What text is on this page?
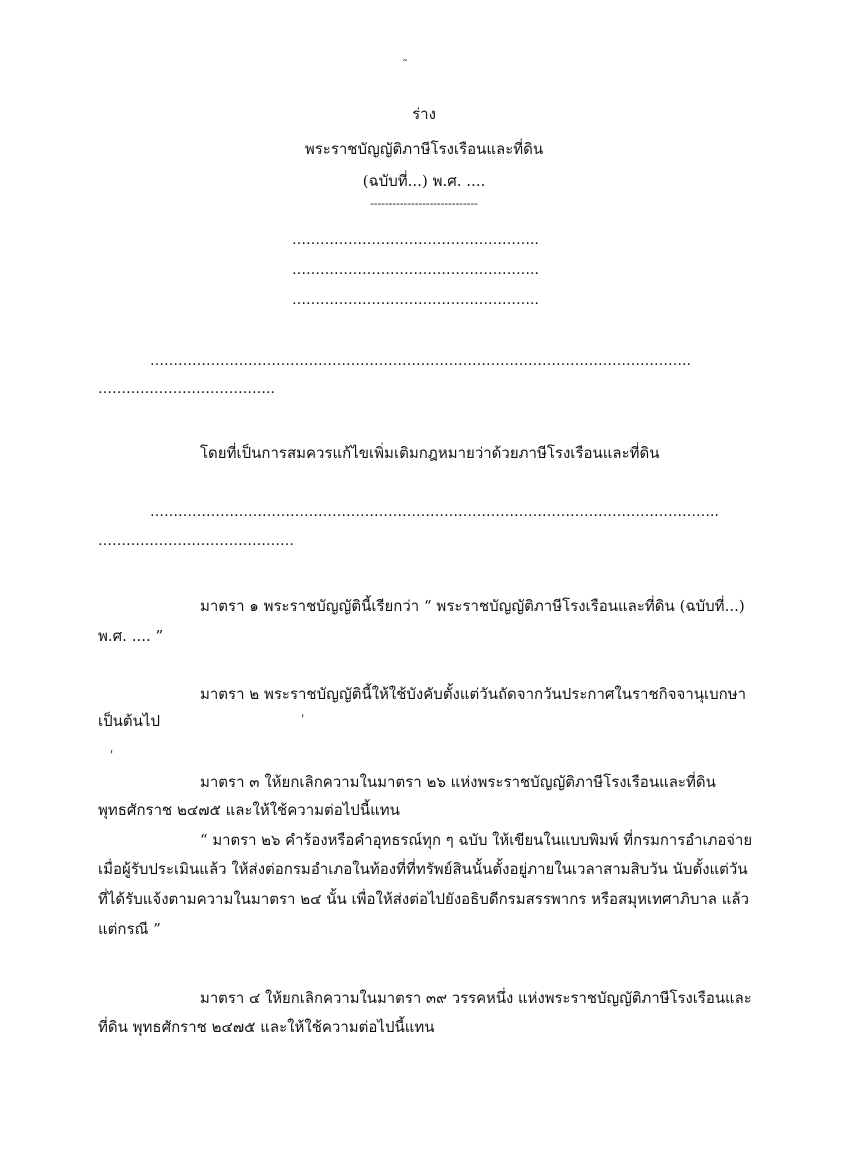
˜
'
'
ร่าง
พระราชบัญญัติภาษีโรงเรือนและที่ดิน
(ฉบับที่...) พ.ศ. ....
-----------------------------
……………………………………………..
……………………………………………..
……………………………………………..
……………………………………………………………………………………………………..
………………………………..
โดยที่เป็นการสมควรแก้ไขเพิ่มเติมกฎหมายว่าด้วยภาษีโรงเรือนและที่ดิน
…………………………………………………………………………………………………………..
……………………………………
มาตรา ๑ พระราชบัญญัตินี้เรียกว่า “ พระราชบัญญัติภาษีโรงเรือนและที่ดิน (ฉบับที่...)
พ.ศ. .... ”
มาตรา ๒ พระราชบัญญัตินี้ให้ใช้บังคับตั้งแต่วันถัดจากวันประกาศในราชกิจจานุเบกษา
เป็นต้นไป
มาตรา ๓ ให้ยกเลิกความในมาตรา ๒๖ แห่งพระราชบัญญัติภาษีโรงเรือนและที่ดิน
พุทธศักราช ๒๔๗๕ และให้ใช้ความต่อไปนี้แทน
“ มาตรา ๒๖ คำร้องหรือคำอุทธรณ์ทุก ๆ ฉบับ ให้เขียนในแบบพิมพ์ ที่กรมการอำเภอจ่าย
เมื่อผู้รับประเมินแล้ว ให้ส่งต่อกรมอำเภอในท้องที่ที่ทรัพย์สินนั้นตั้งอยู่ภายในเวลาสามสิบวัน นับตั้งแต่วัน
ที่ได้รับแจ้งตามความในมาตรา ๒๔ นั้น เพื่อให้ส่งต่อไปยังอธิบดีกรมสรรพากร หรือสมุหเทศาภิบาล แล้ว
แต่กรณี ”
มาตรา ๔ ให้ยกเลิกความในมาตรา ๓๙ วรรคหนึ่ง แห่งพระราชบัญญัติภาษีโรงเรือนและ
ที่ดิน พุทธศักราช ๒๔๗๕ และให้ใช้ความต่อไปนี้แทน
